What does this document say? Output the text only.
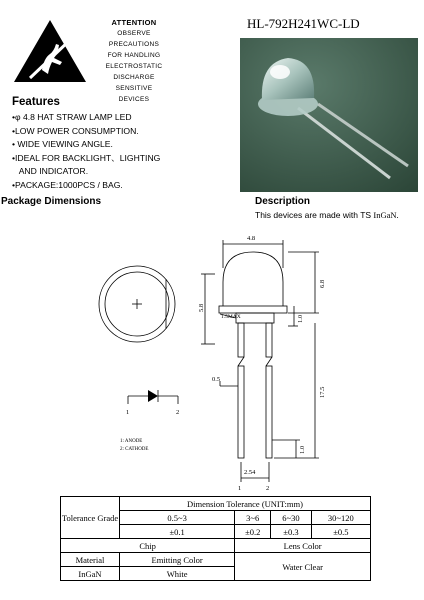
ATTENTION
OBSERVE PRECAUTIONS
FOR HANDLING
ELECTROSTATIC
DISCHARGE
SENSITIVE
DEVICES
HL-792H241WC-LD
Features
•φ 4.8 HAT STRAW LAMP LED
•LOW POWER CONSUMPTION.
• WIDE VIEWING ANGLE.
•IDEAL FOR BACKLIGHT、LIGHTING
AND INDICATOR.
•PACKAGE:1000PCS / BAG.
Package Dimensions	Description
This devices are made with TS InGaN.
4.8
5.8
6.8
1.0
1.5MAX
0.5
17.5
1.0
2.54
1	2
1	2
1: ANODE
2: CATHODE
Tolerance Grade	Dimension Tolerance (UNIT:mm)			
	0.5~3	3~6	6~30	30~120
	±0.1	±0.2	±0.3	±0.5
Chip		Lens Color		
Material	Emitting Color	Water Clear		
InGaN	White			
